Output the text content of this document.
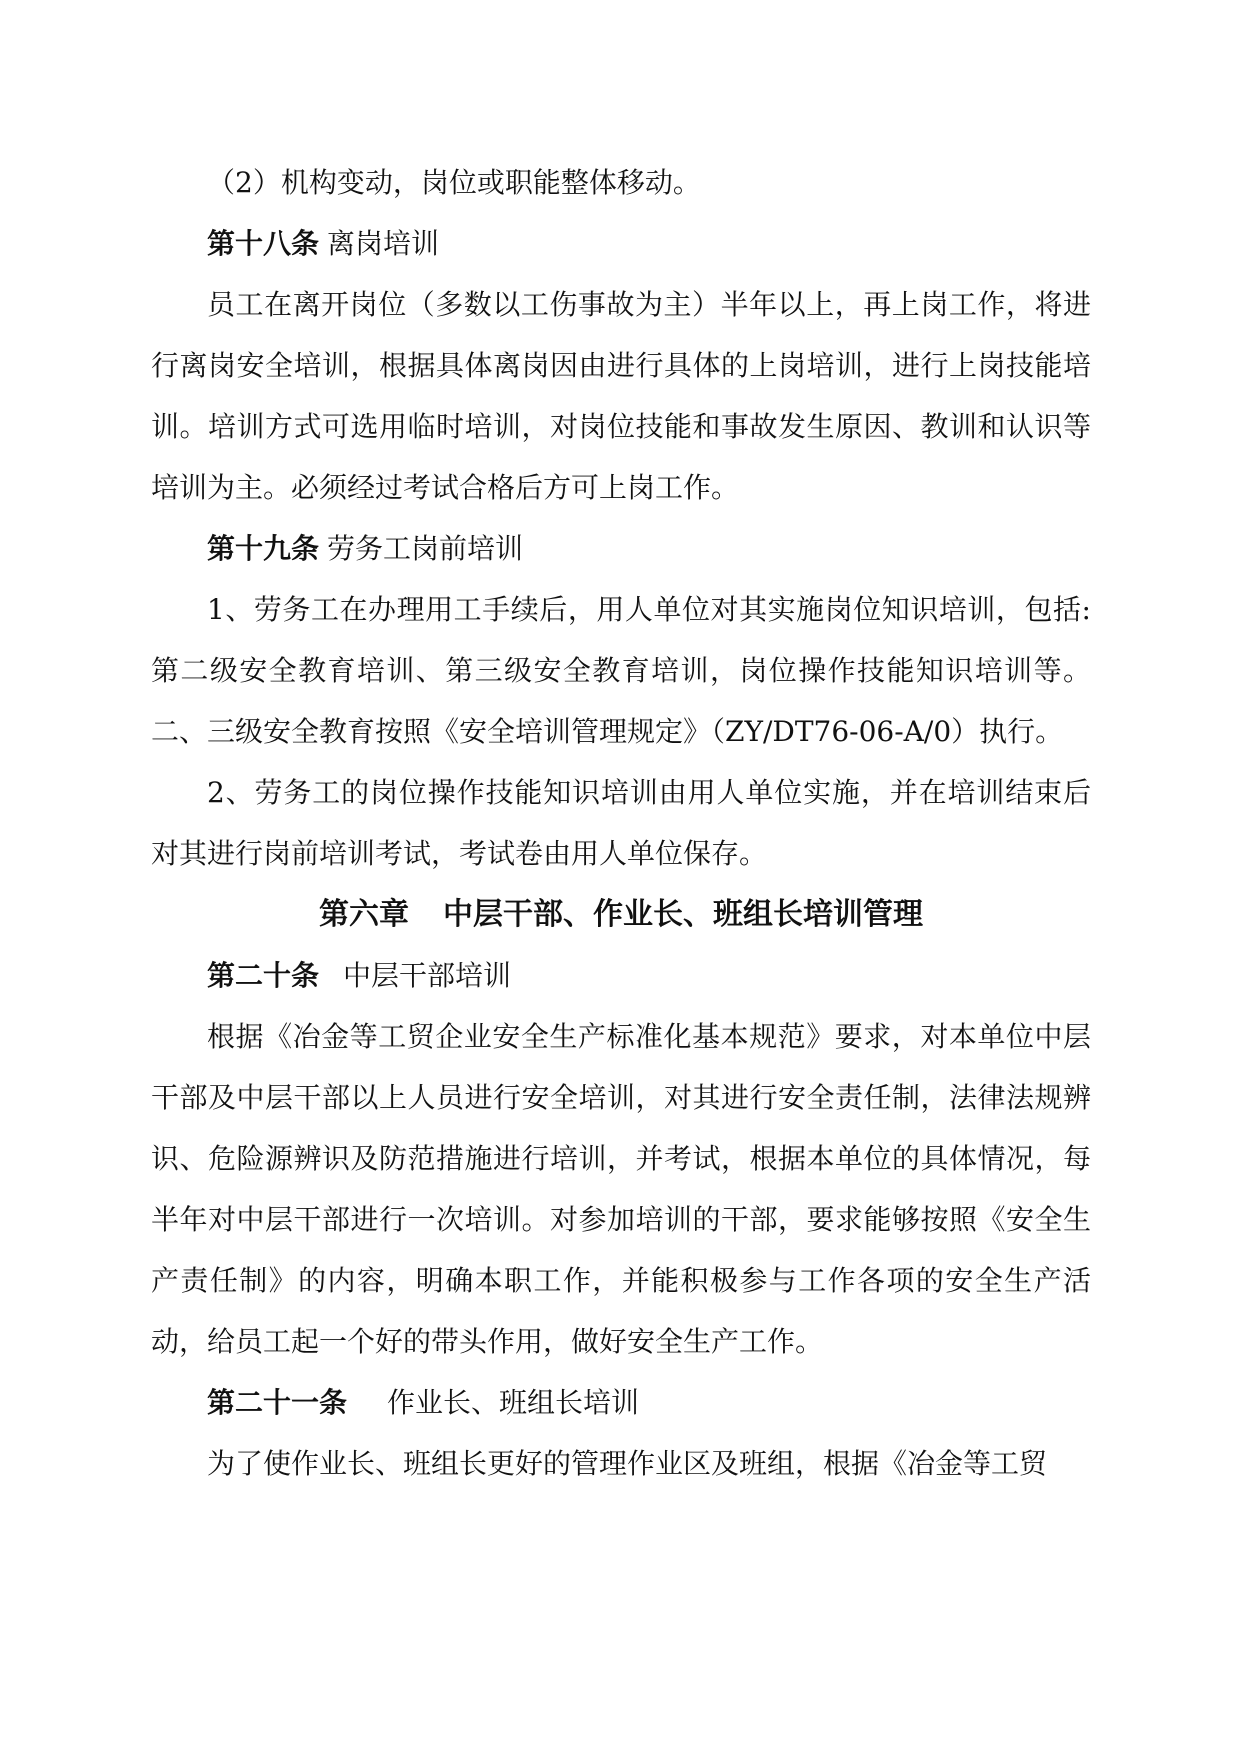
（2）机构变动，岗位或职能整体移动。

第十八条 离岗培训

员工在离开岗位（多数以工伤事故为主）半年以上，再上岗工作，将进行离岗安全培训，根据具体离岗因由进行具体的上岗培训，进行上岗技能培训。培训方式可选用临时培训，对岗位技能和事故发生原因、教训和认识等培训为主。必须经过考试合格后方可上岗工作。

第十九条 劳务工岗前培训

1、劳务工在办理用工手续后，用人单位对其实施岗位知识培训，包括:第二级安全教育培训、第三级安全教育培训，岗位操作技能知识培训等。二、三级安全教育按照《安全培训管理规定》（ZY/DT76-06-A/0）执行。

2、劳务工的岗位操作技能知识培训由用人单位实施，并在培训结束后对其进行岗前培训考试，考试卷由用人单位保存。

第六章 中层干部、作业长、班组长培训管理

第二十条 中层干部培训

根据《冶金等工贸企业安全生产标准化基本规范》要求，对本单位中层干部及中层干部以上人员进行安全培训，对其进行安全责任制，法律法规辨识、危险源辨识及防范措施进行培训，并考试，根据本单位的具体情况，每半年对中层干部进行一次培训。对参加培训的干部，要求能够按照《安全生产责任制》的内容，明确本职工作，并能积极参与工作各项的安全生产活动，给员工起一个好的带头作用，做好安全生产工作。

第二十一条 作业长、班组长培训

为了使作业长、班组长更好的管理作业区及班组，根据《冶金等工贸
